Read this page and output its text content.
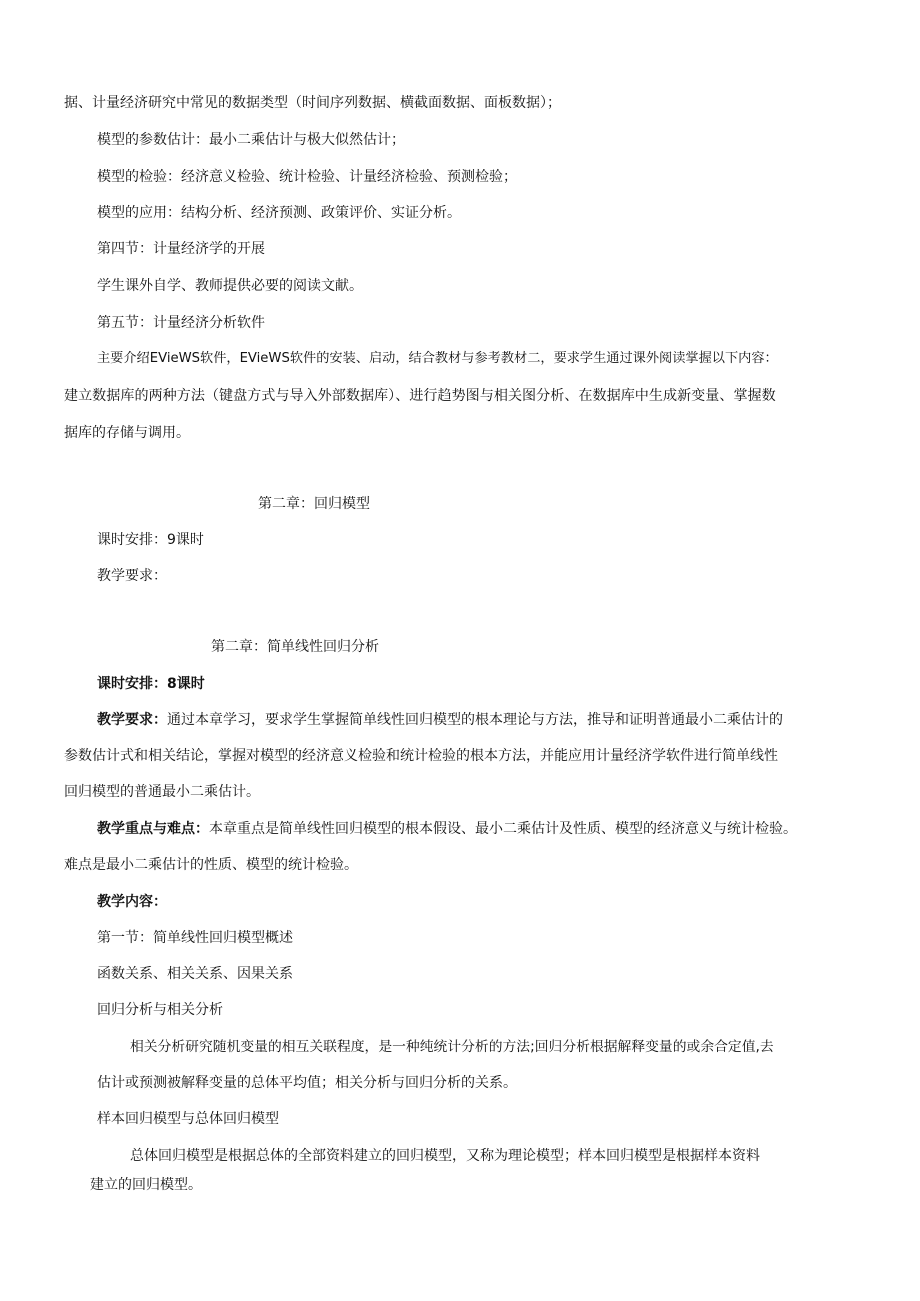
据、计量经济研究中常见的数据类型（时间序列数据、横截面数据、面板数据）；
模型的参数估计：最小二乘估计与极大似然估计；
模型的检验：经济意义检验、统计检验、计量经济检验、预测检验；
模型的应用：结构分析、经济预测、政策评价、实证分析。
第四节：计量经济学的开展
学生课外自学、教师提供必要的阅读文献。
第五节：计量经济分析软件
主要介绍EVieWS软件，EVieWS软件的安装、启动，结合教材与参考教材二，要求学生通过课外阅读掌握以下内容：
建立数据库的两种方法（键盘方式与导入外部数据库）、进行趋势图与相关图分析、在数据库中生成新变量、掌握数
据库的存储与调用。
第二章：回归模型
课时安排：9课时
教学要求：
第二章：简单线性回归分析
课时安排：8课时
教学要求：通过本章学习，要求学生掌握简单线性回归模型的根本理论与方法，推导和证明普通最小二乘估计的
参数估计式和相关结论，掌握对模型的经济意义检验和统计检验的根本方法，并能应用计量经济学软件进行简单线性
回归模型的普通最小二乘估计。
教学重点与难点：本章重点是简单线性回归模型的根本假设、最小二乘估计及性质、模型的经济意义与统计检验。
难点是最小二乘估计的性质、模型的统计检验。
教学内容：
第一节：简单线性回归模型概述
函数关系、相关关系、因果关系
回归分析与相关分析
相关分析研究随机变量的相互关联程度，是一种纯统计分析的方法;回归分析根据解释变量的或余合定值,去
估计或预测被解释变量的总体平均值；相关分析与回归分析的关系。
样本回归模型与总体回归模型
总体回归模型是根据总体的全部资料建立的回归模型，又称为理论模型；样本回归模型是根据样本资料
建立的回归模型。
